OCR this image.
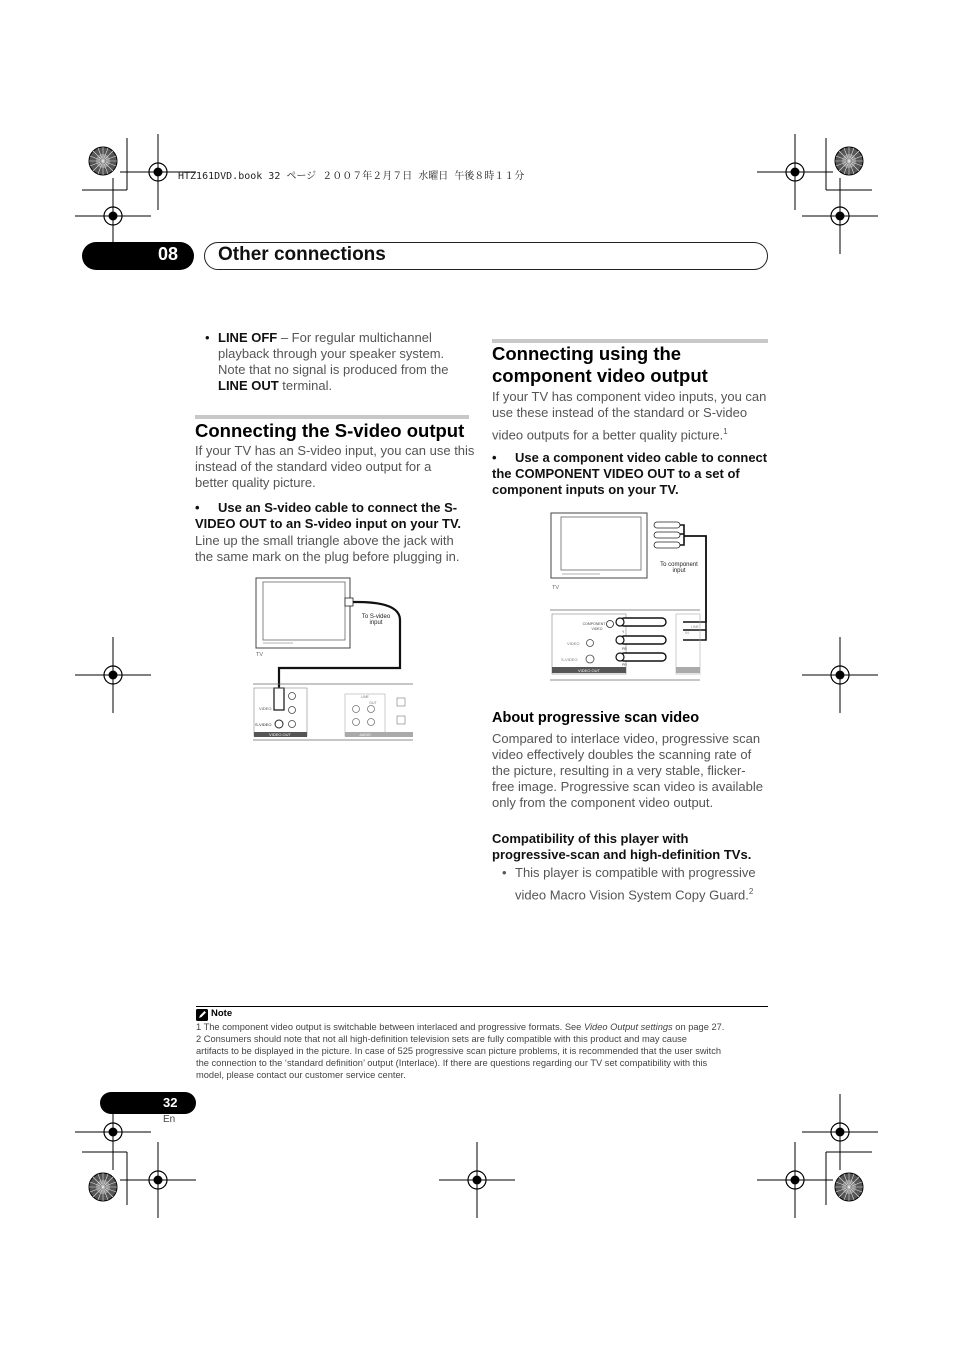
HTZ161DVD.book 32 ページ ２００７年２月７日 水曜日 午後８時１１分
08 Other connections
• LINE OFF – For regular multichannel
playback through your speaker system.
Note that no signal is produced from the
LINE OUT terminal.
Connecting the S-video output
If your TV has an S-video input, you can use this
instead of the standard video output for a
better quality picture.
• Use an S-video cable to connect the S-
VIDEO OUT to an S-video input on your TV.
Line up the small triangle above the jack with
the same mark on the plug before plugging in.
TV
To S-video
input
VIDEO
S-VIDEO
VIDEO OUT
LINE
OUT
AUDIO
Connecting using the
component video output
If your TV has component video inputs, you can
use these instead of the standard or S-video
video outputs for a better quality picture.$^1$
• Use a component video cable to connect
the COMPONENT VIDEO OUT to a set of
component inputs on your TV.
TV
To component
input
COMPONENT
VIDEO
VIDEO
S-VIDEO
Y
PB
PR
VIDEO OUT
LINE
IN
About progressive scan video
Compared to interlace video, progressive scan
video effectively doubles the scanning rate of
the picture, resulting in a very stable, flicker-
free image. Progressive scan video is available
only from the component video output.
Compatibility of this player with
progressive-scan and high-definition TVs.
• This player is compatible with progressive
video Macro Vision System Copy Guard.$^2$
Note
1 The component video output is switchable between interlaced and progressive formats. See Video Output settings on page 27.
2 Consumers should note that not all high-definition television sets are fully compatible with this product and may cause
artifacts to be displayed in the picture. In case of 525 progressive scan picture problems, it is recommended that the user switch
the connection to the ‘standard definition’ output (Interlace). If there are questions regarding our TV set compatibility with this
model, please contact our customer service center.
32
En
